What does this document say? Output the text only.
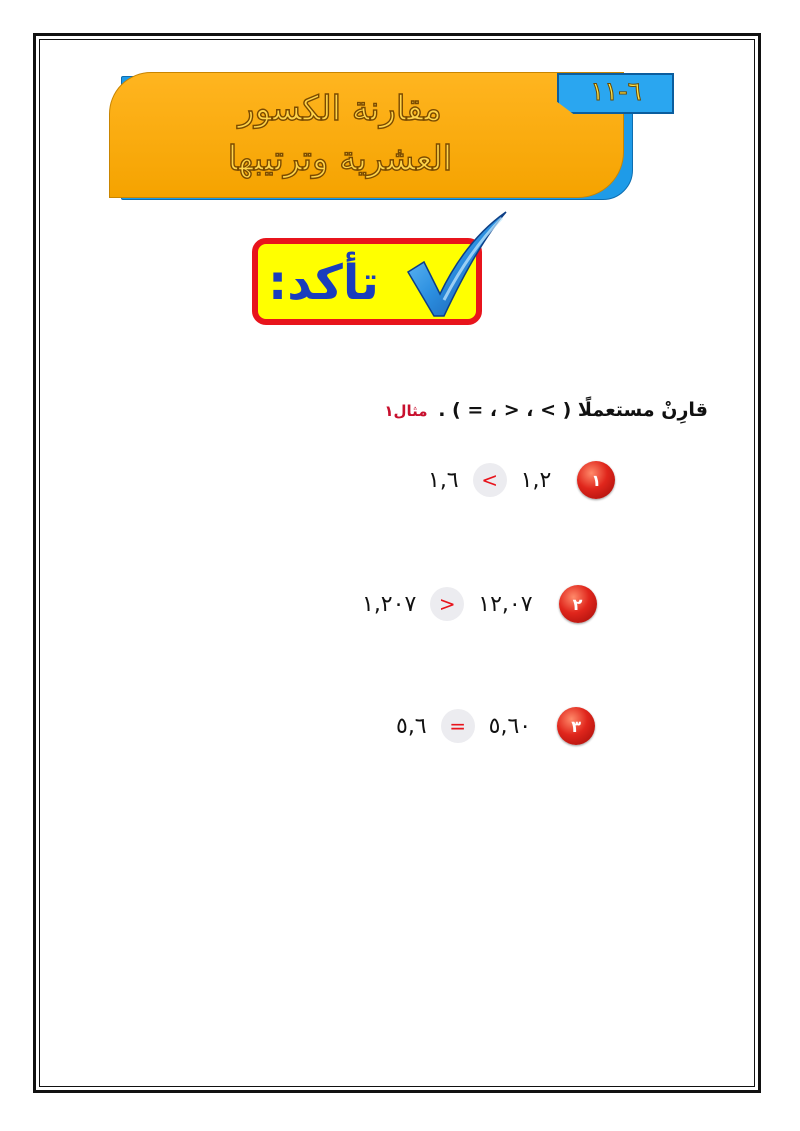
مقارنة الكسور
العشرية وترتيبها
٦-١١
تأكد:
قارِنْ مستعملًا ( > ، < ، = ) . مثال١
١,٦	<	١,٢	١
١,٢٠٧	>	١٢,٠٧	٢
٥,٦	=	٥,٦٠	٣
